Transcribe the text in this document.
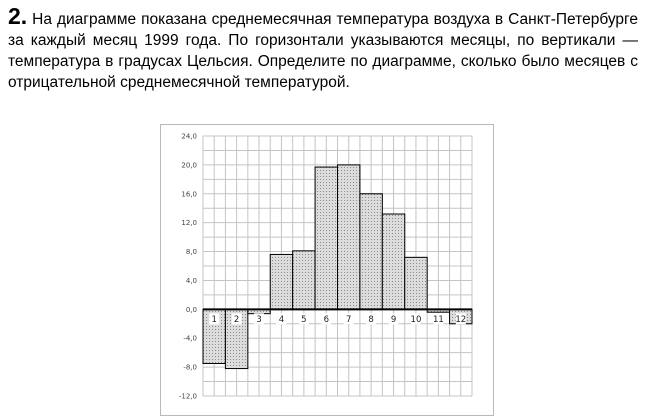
2. На диаграмме показана среднемесячная температура воздуха в Санкт-Петербурге за каждый месяц 1999 года. По горизонтали указываются месяцы, по вертикали — температура в градусах Цельсия. Определите по диаграмме, сколько было месяцев с отрицательной среднемесячной температурой.

24,0
20,0
16,0
12,0
8,0
4,0
0,0
-4,0
-8,0
-12,0
1 2 3 4 5 6 7 8 9 10 11 12
